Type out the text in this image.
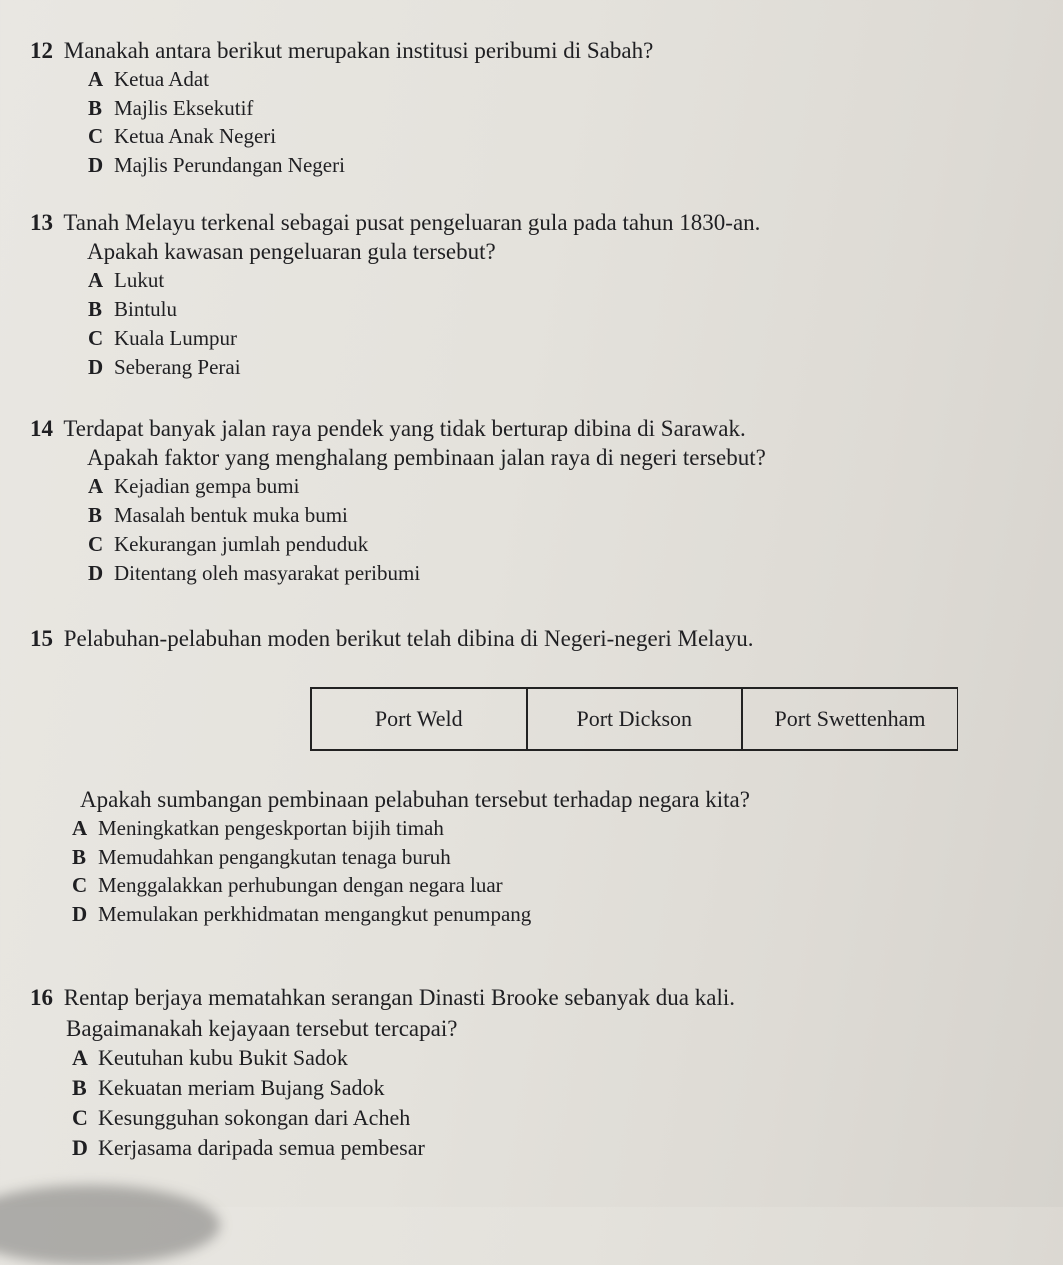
12 Manakah antara berikut merupakan institusi peribumi di Sabah?
A Ketua Adat
B Majlis Eksekutif
C Ketua Anak Negeri
D Majlis Perundangan Negeri
13 Tanah Melayu terkenal sebagai pusat pengeluaran gula pada tahun 1830-an.
Apakah kawasan pengeluaran gula tersebut?
A Lukut
B Bintulu
C Kuala Lumpur
D Seberang Perai
14 Terdapat banyak jalan raya pendek yang tidak berturap dibina di Sarawak.
Apakah faktor yang menghalang pembinaan jalan raya di negeri tersebut?
A Kejadian gempa bumi
B Masalah bentuk muka bumi
C Kekurangan jumlah penduduk
D Ditentang oleh masyarakat peribumi
15 Pelabuhan-pelabuhan moden berikut telah dibina di Negeri-negeri Melayu.
Port Weld	Port Dickson	Port Swettenham
Apakah sumbangan pembinaan pelabuhan tersebut terhadap negara kita?
A Meningkatkan pengeskportan bijih timah
B Memudahkan pengangkutan tenaga buruh
C Menggalakkan perhubungan dengan negara luar
D Memulakan perkhidmatan mengangkut penumpang
16 Rentap berjaya mematahkan serangan Dinasti Brooke sebanyak dua kali.
Bagaimanakah kejayaan tersebut tercapai?
A Keutuhan kubu Bukit Sadok
B Kekuatan meriam Bujang Sadok
C Kesungguhan sokongan dari Acheh
D Kerjasama daripada semua pembesar
